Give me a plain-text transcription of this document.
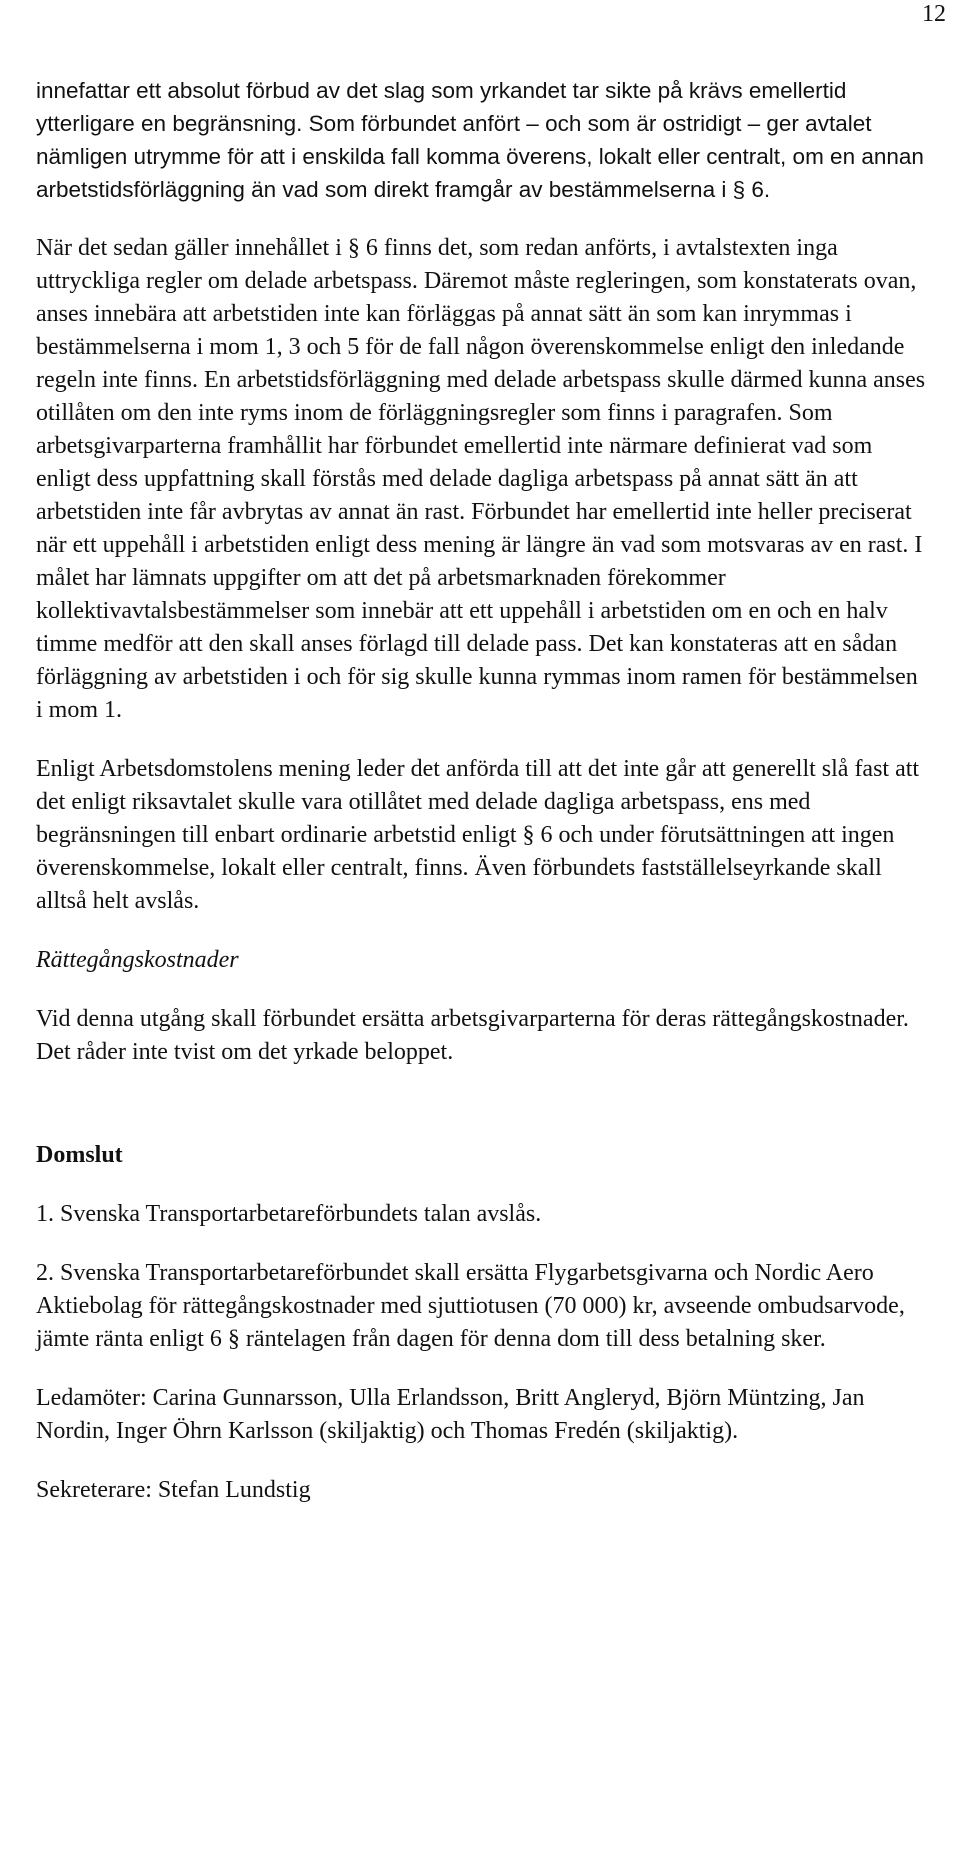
12

innefattar ett absolut förbud av det slag som yrkandet tar sikte på krävs emellertid ytterligare en begränsning. Som förbundet anfört – och som är ostridigt – ger avtalet nämligen utrymme för att i enskilda fall komma överens, lokalt eller centralt, om en annan arbetstidsförläggning än vad som direkt framgår av bestämmelserna i § 6.

När det sedan gäller innehållet i § 6 finns det, som redan anförts, i avtalstexten inga uttryckliga regler om delade arbetspass. Däremot måste regleringen, som konstaterats ovan, anses innebära att arbetstiden inte kan förläggas på annat sätt än som kan inrymmas i bestämmelserna i mom 1, 3 och 5 för de fall någon överenskommelse enligt den inledande regeln inte finns. En arbetstidsförläggning med delade arbetspass skulle därmed kunna anses otillåten om den inte ryms inom de förläggningsregler som finns i paragrafen. Som arbetsgivarparterna framhållit har förbundet emellertid inte närmare definierat vad som enligt dess uppfattning skall förstås med delade dagliga arbetspass på annat sätt än att arbetstiden inte får avbrytas av annat än rast. Förbundet har emellertid inte heller preciserat när ett uppehåll i arbetstiden enligt dess mening är längre än vad som motsvaras av en rast. I målet har lämnats uppgifter om att det på arbetsmarknaden förekommer kollektivavtalsbestämmelser som innebär att ett uppehåll i arbetstiden om en och en halv timme medför att den skall anses förlagd till delade pass. Det kan konstateras att en sådan förläggning av arbetstiden i och för sig skulle kunna rymmas inom ramen för bestämmelsen i mom 1.

Enligt Arbetsdomstolens mening leder det anförda till att det inte går att generellt slå fast att det enligt riksavtalet skulle vara otillåtet med delade dagliga arbetspass, ens med begränsningen till enbart ordinarie arbetstid enligt § 6 och under förutsättningen att ingen överenskommelse, lokalt eller centralt, finns. Även förbundets fastställelseyrkande skall alltså helt avslås.

Rättegångskostnader

Vid denna utgång skall förbundet ersätta arbetsgivarparterna för deras rättegångskostnader. Det råder inte tvist om det yrkade beloppet.

Domslut

1. Svenska Transportarbetareförbundets talan avslås.

2. Svenska Transportarbetareförbundet skall ersätta Flygarbetsgivarna och Nordic Aero Aktiebolag för rättegångskostnader med sjuttiotusen (70 000) kr, avseende ombudsarvode, jämte ränta enligt 6 § räntelagen från dagen för denna dom till dess betalning sker.

Ledamöter: Carina Gunnarsson, Ulla Erlandsson, Britt Angleryd, Björn Müntzing, Jan Nordin, Inger Öhrn Karlsson (skiljaktig) och Thomas Fredén (skiljaktig).

Sekreterare: Stefan Lundstig
